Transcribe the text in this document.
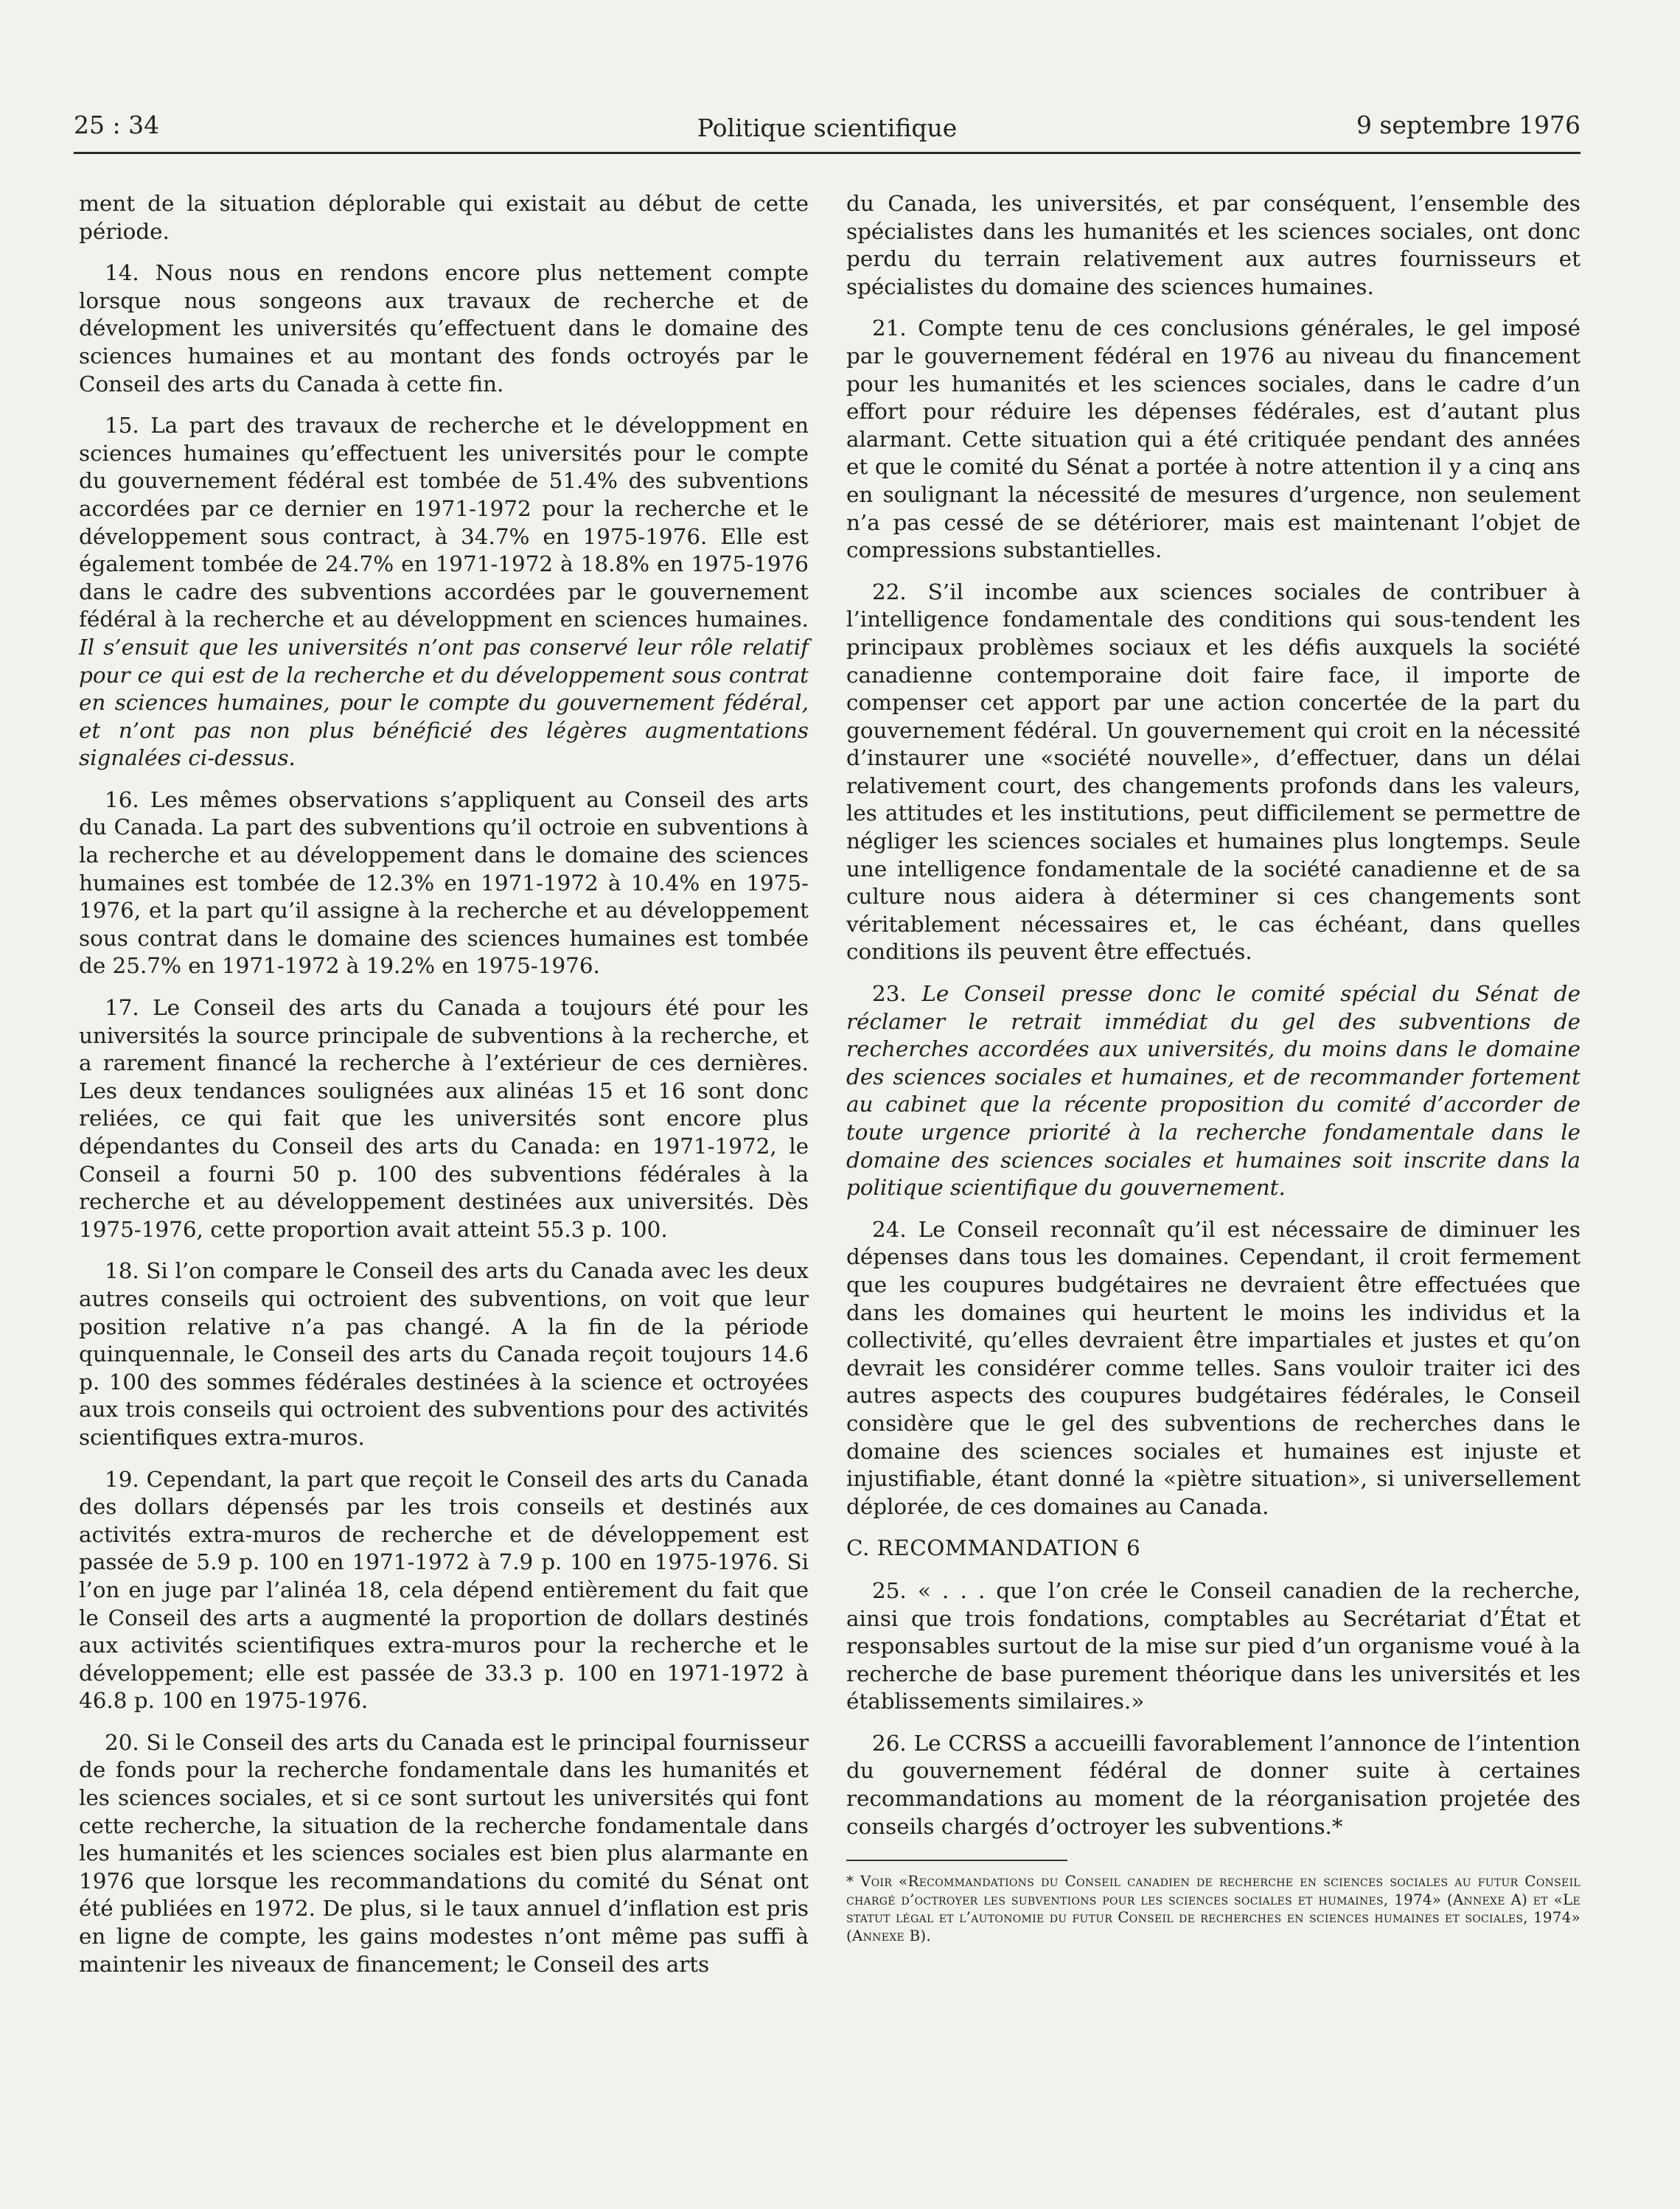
25 : 34	Politique scientifique	9 septembre 1976

ment de la situation déplorable qui existait au début de cette période.

14. Nous nous en rendons encore plus nettement compte lorsque nous songeons aux travaux de recherche et de dévelopment les universités qu’effectuent dans le domaine des sciences humaines et au montant des fonds octroyés par le Conseil des arts du Canada à cette fin.

15. La part des travaux de recherche et le développment en sciences humaines qu’effectuent les universités pour le compte du gouvernement fédéral est tombée de 51.4% des subventions accordées par ce dernier en 1971-1972 pour la recherche et le développement sous contract, à 34.7% en 1975-1976. Elle est également tombée de 24.7% en 1971-1972 à 18.8% en 1975-1976 dans le cadre des subventions accordées par le gouvernement fédéral à la recherche et au développment en sciences humaines. Il s’ensuit que les universités n’ont pas conservé leur rôle relatif pour ce qui est de la recherche et du développement sous contrat en sciences humaines, pour le compte du gouvernement fédéral, et n’ont pas non plus bénéficié des légères augmentations signalées ci-dessus.

16. Les mêmes observations s’appliquent au Conseil des arts du Canada. La part des subventions qu’il octroie en subventions à la recherche et au développement dans le domaine des sciences humaines est tombée de 12.3% en 1971-1972 à 10.4% en 1975-1976, et la part qu’il assigne à la recherche et au développement sous contrat dans le domaine des sciences humaines est tombée de 25.7% en 1971-1972 à 19.2% en 1975-1976.

17. Le Conseil des arts du Canada a toujours été pour les universités la source principale de subventions à la recherche, et a rarement financé la recherche à l’extérieur de ces dernières. Les deux tendances soulignées aux alinéas 15 et 16 sont donc reliées, ce qui fait que les universités sont encore plus dépendantes du Conseil des arts du Canada: en 1971-1972, le Conseil a fourni 50 p. 100 des subventions fédérales à la recherche et au développement destinées aux universités. Dès 1975-1976, cette proportion avait atteint 55.3 p. 100.

18. Si l’on compare le Conseil des arts du Canada avec les deux autres conseils qui octroient des subventions, on voit que leur position relative n’a pas changé. A la fin de la période quinquennale, le Conseil des arts du Canada reçoit toujours 14.6 p. 100 des sommes fédérales destinées à la science et octroyées aux trois conseils qui octroient des subventions pour des activités scientifiques extra-muros.

19. Cependant, la part que reçoit le Conseil des arts du Canada des dollars dépensés par les trois conseils et destinés aux activités extra-muros de recherche et de développement est passée de 5.9 p. 100 en 1971-1972 à 7.9 p. 100 en 1975-1976. Si l’on en juge par l’alinéa 18, cela dépend entièrement du fait que le Conseil des arts a augmenté la proportion de dollars destinés aux activités scientifiques extra-muros pour la recherche et le développement; elle est passée de 33.3 p. 100 en 1971-1972 à 46.8 p. 100 en 1975-1976.

20. Si le Conseil des arts du Canada est le principal fournisseur de fonds pour la recherche fondamentale dans les humanités et les sciences sociales, et si ce sont surtout les universités qui font cette recherche, la situation de la recherche fondamentale dans les humanités et les sciences sociales est bien plus alarmante en 1976 que lorsque les recommandations du comité du Sénat ont été publiées en 1972. De plus, si le taux annuel d’inflation est pris en ligne de compte, les gains modestes n’ont même pas suffi à maintenir les niveaux de financement; le Conseil des arts

du Canada, les universités, et par conséquent, l’ensemble des spécialistes dans les humanités et les sciences sociales, ont donc perdu du terrain relativement aux autres fournisseurs et spécialistes du domaine des sciences humaines.

21. Compte tenu de ces conclusions générales, le gel imposé par le gouvernement fédéral en 1976 au niveau du financement pour les humanités et les sciences sociales, dans le cadre d’un effort pour réduire les dépenses fédérales, est d’autant plus alarmant. Cette situation qui a été critiquée pendant des années et que le comité du Sénat a portée à notre attention il y a cinq ans en soulignant la nécessité de mesures d’urgence, non seulement n’a pas cessé de se détériorer, mais est maintenant l’objet de compressions substantielles.

22. S’il incombe aux sciences sociales de contribuer à l’intelligence fondamentale des conditions qui sous-tendent les principaux problèmes sociaux et les défis auxquels la société canadienne contemporaine doit faire face, il importe de compenser cet apport par une action concertée de la part du gouvernement fédéral. Un gouvernement qui croit en la nécessité d’instaurer une «société nouvelle», d’effectuer, dans un délai relativement court, des changements profonds dans les valeurs, les attitudes et les institutions, peut difficilement se permettre de négliger les sciences sociales et humaines plus longtemps. Seule une intelligence fondamentale de la société canadienne et de sa culture nous aidera à déterminer si ces changements sont véritablement nécessaires et, le cas échéant, dans quelles conditions ils peuvent être effectués.

23. Le Conseil presse donc le comité spécial du Sénat de réclamer le retrait immédiat du gel des subventions de recherches accordées aux universités, du moins dans le domaine des sciences sociales et humaines, et de recommander fortement au cabinet que la récente proposition du comité d’accorder de toute urgence priorité à la recherche fondamentale dans le domaine des sciences sociales et humaines soit inscrite dans la politique scientifique du gouvernement.

24. Le Conseil reconnaît qu’il est nécessaire de diminuer les dépenses dans tous les domaines. Cependant, il croit fermement que les coupures budgétaires ne devraient être effectuées que dans les domaines qui heurtent le moins les individus et la collectivité, qu’elles devraient être impartiales et justes et qu’on devrait les considérer comme telles. Sans vouloir traiter ici des autres aspects des coupures budgétaires fédérales, le Conseil considère que le gel des subventions de recherches dans le domaine des sciences sociales et humaines est injuste et injustifiable, étant donné la «piètre situation», si universellement déplorée, de ces domaines au Canada.

C. RECOMMANDATION 6

25. « . . . que l’on crée le Conseil canadien de la recherche, ainsi que trois fondations, comptables au Secrétariat d’État et responsables surtout de la mise sur pied d’un organisme voué à la recherche de base purement théorique dans les universités et les établissements similaires.»

26. Le CCRSS a accueilli favorablement l’annonce de l’intention du gouvernement fédéral de donner suite à certaines recommandations au moment de la réorganisation projetée des conseils chargés d’octroyer les subventions.*

* Voir «Recommandations du Conseil canadien de recherche en sciences sociales au futur Conseil chargé d’octroyer les subventions pour les sciences sociales et humaines, 1974» (Annexe A) et «Le statut légal et l’autonomie du futur Conseil de recherches en sciences humaines et sociales, 1974» (Annexe B).
